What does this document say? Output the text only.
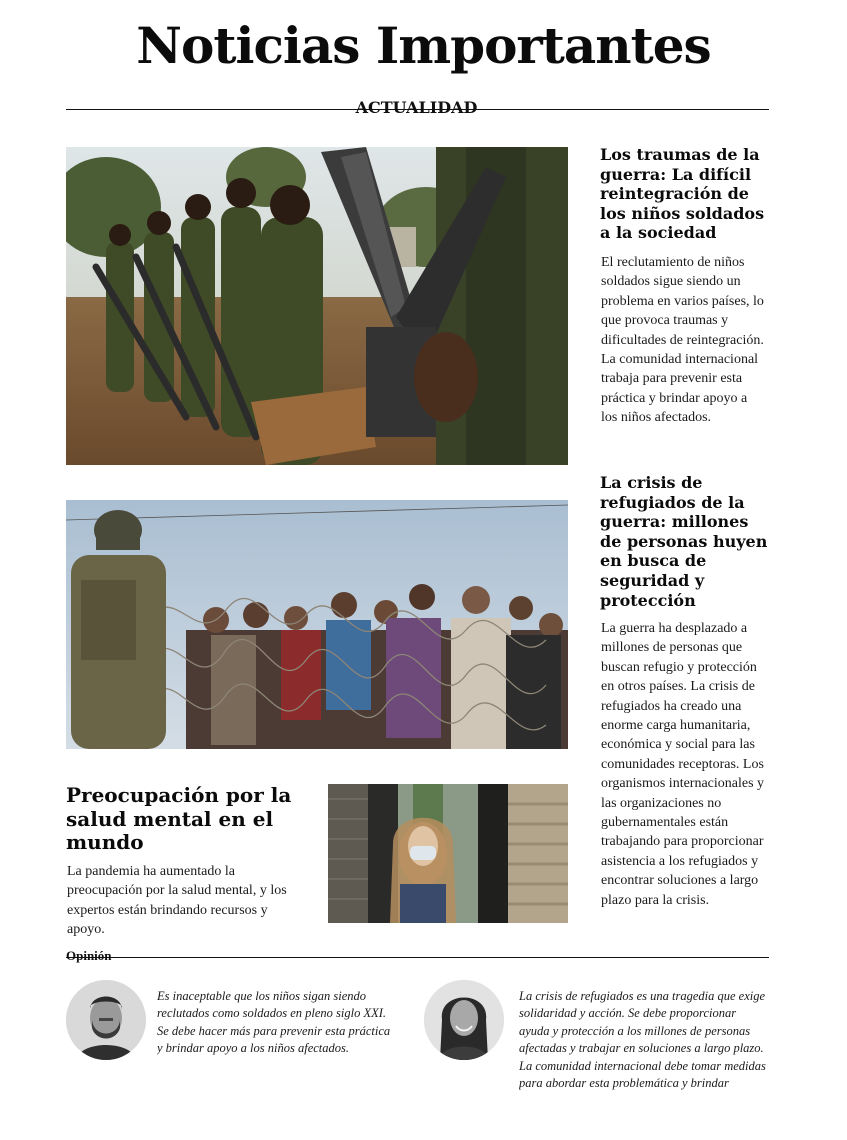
Noticias Importantes
ACTUALIDAD
Los traumas de la guerra: La difícil reintegración de los niños soldados a la sociedad

El reclutamiento de niños soldados sigue siendo un problema en varios países, lo que provoca traumas y dificultades de reintegración. La comunidad internacional trabaja para prevenir esta práctica y brindar apoyo a los niños afectados.

La crisis de refugiados de la guerra: millones de personas huyen en busca de seguridad y protección

La guerra ha desplazado a millones de personas que buscan refugio y protección en otros países. La crisis de refugiados ha creado una enorme carga humanitaria, económica y social para las comunidades receptoras. Los organismos internacionales y las organizaciones no gubernamentales están trabajando para proporcionar asistencia a los refugiados y encontrar soluciones a largo plazo para la crisis.

Preocupación por la salud mental en el mundo

La pandemia ha aumentado la preocupación por la salud mental, y los expertos están brindando recursos y apoyo.

Opinión

Es inaceptable que los niños sigan siendo reclutados como soldados en pleno siglo XXI. Se debe hacer más para prevenir esta práctica y brindar apoyo a los niños afectados.

La crisis de refugiados es una tragedia que exige solidaridad y acción. Se debe proporcionar ayuda y protección a los millones de personas afectadas y trabajar en soluciones a largo plazo. La comunidad internacional debe tomar medidas para abordar esta problemática y brindar
